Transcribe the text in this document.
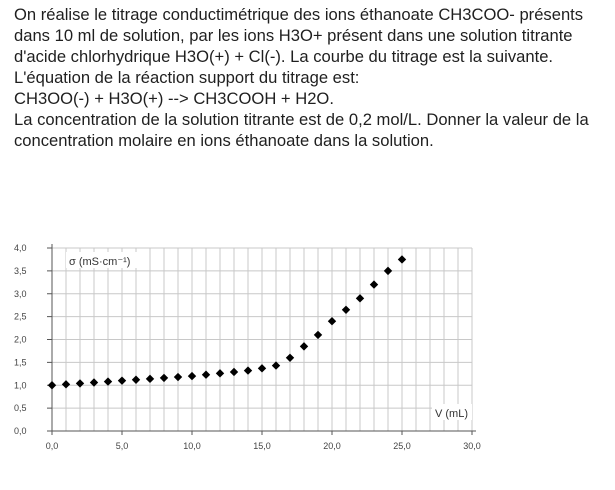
On réalise le titrage conductimétrique des ions éthanoate CH3COO- présents dans 10 ml de solution, par les ions H3O+ présent dans une solution titrante d'acide chlorhydrique H3O(+) + Cl(-). La courbe du titrage est la suivante. L'équation de la réaction support du titrage est:

CH3OO(-) + H3O(+) --> CH3COOH + H2O.

La concentration de la solution titrante est de 0,2 mol/L. Donner la valeur de la concentration molaire en ions éthanoate dans la solution.

0,0
0,5
1,0
1,5
2,0
2,5
3,0
3,5
4,0
0,0	5,0	10,0	15,0	20,0	25,0	30,0
σ (mS·cm⁻¹)
V (mL)
